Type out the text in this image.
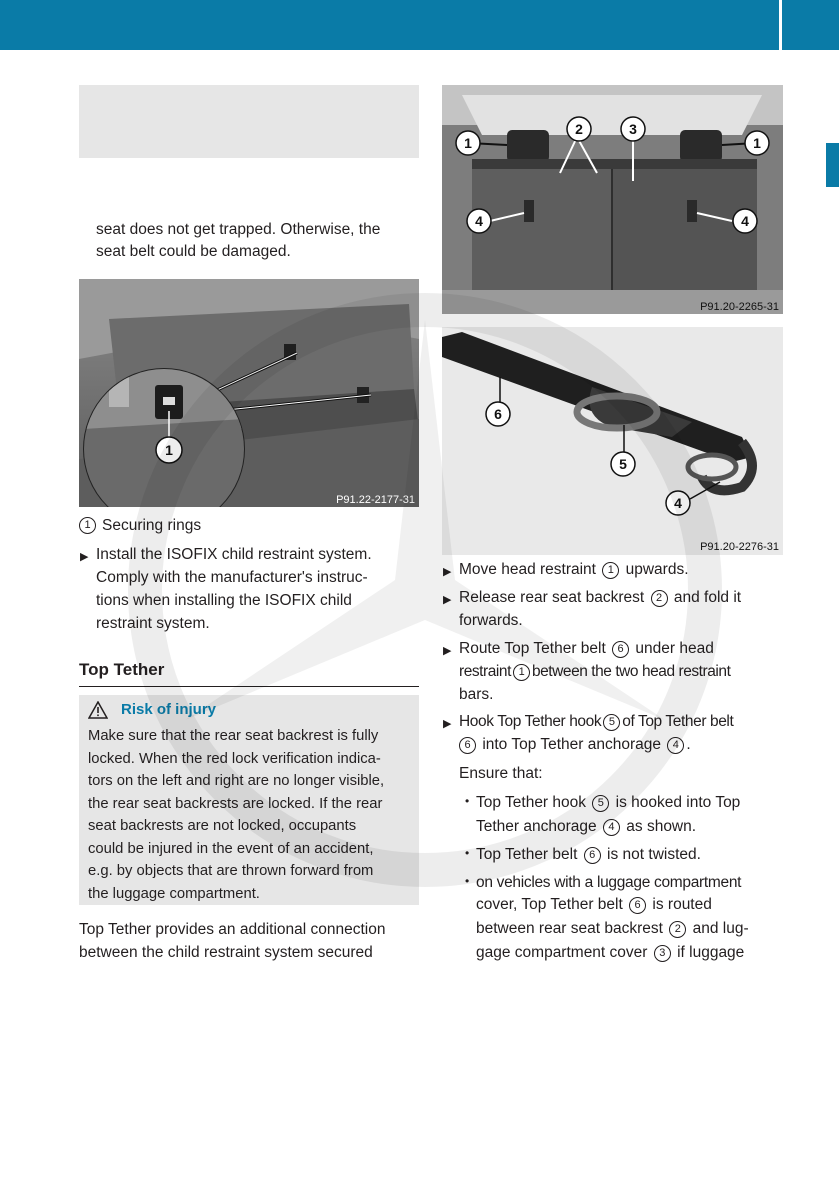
seat does not get trapped. Otherwise, the
seat belt could be damaged.
1
P91.22-2177-31
1 Securing rings
▶ Install the ISOFIX child restraint system.
Comply with the manufacturer's instruc-
tions when installing the ISOFIX child
restraint system.
Top Tether
Risk of injury
Make sure that the rear seat backrest is fully
locked. When the red lock verification indica-
tors on the left and right are no longer visible,
the rear seat backrests are locked. If the rear
seat backrests are not locked, occupants
could be injured in the event of an accident,
e.g. by objects that are thrown forward from
the luggage compartment.
Top Tether provides an additional connection
between the child restraint system secured
1
2	3
1
4	4
P91.20-2265-31
6
5
4
P91.20-2276-31
▶ Move head restraint 1 upwards.
▶ Release rear seat backrest 2 and fold it
forwards.
▶ Route Top Tether belt 6 under head
restraint 1 between the two head restraint
bars.
▶ Hook Top Tether hook 5 of Top Tether belt
6 into Top Tether anchorage 4 .
Ensure that:
• Top Tether hook 5 is hooked into Top
Tether anchorage 4 as shown.
• Top Tether belt 6 is not twisted.
• on vehicles with a luggage compartment
cover, Top Tether belt 6 is routed
between rear seat backrest 2 and lug-
gage compartment cover 3 if luggage
